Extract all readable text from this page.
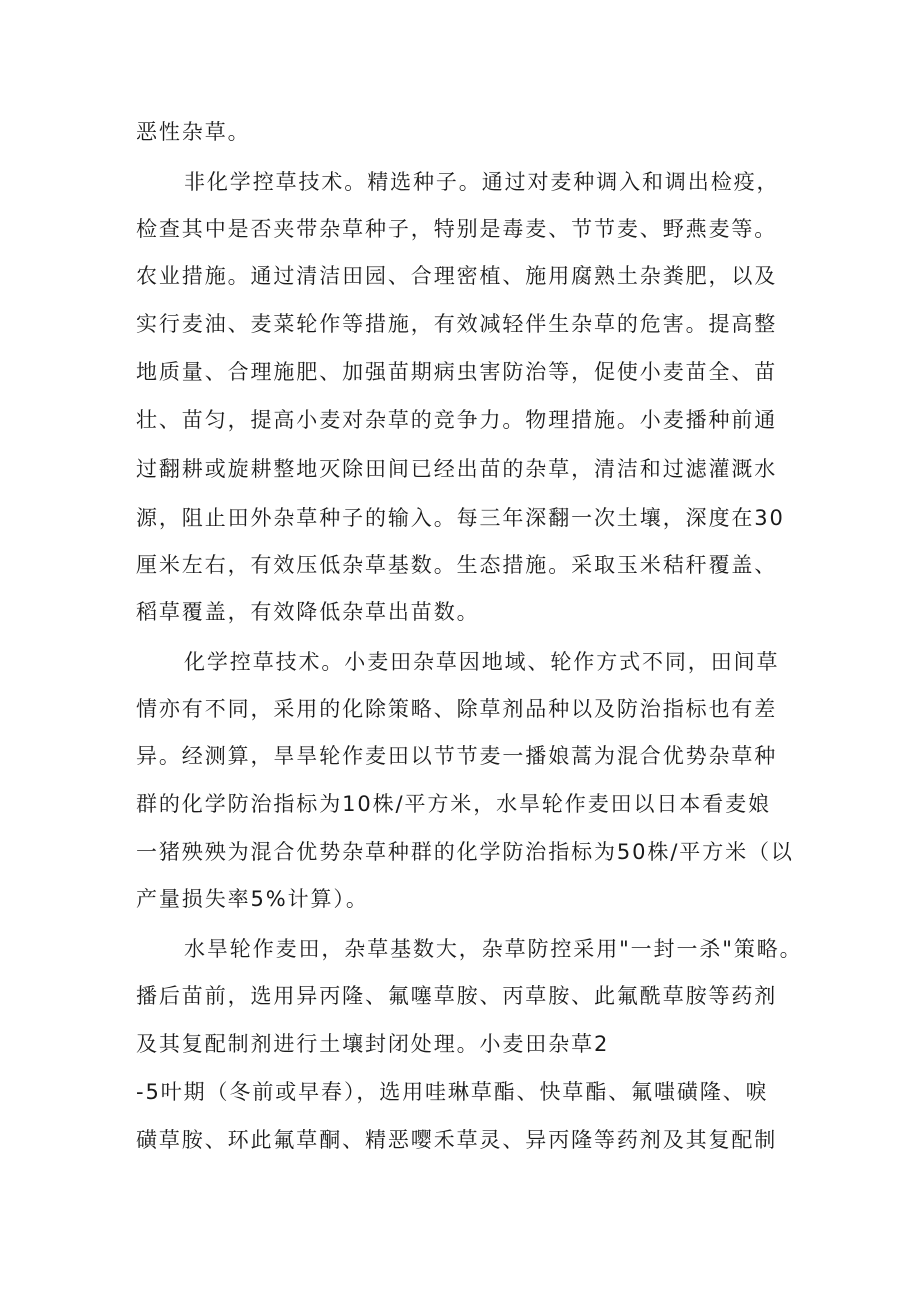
恶性杂草。
非化学控草技术。精选种子。通过对麦种调入和调出检疫，
检查其中是否夹带杂草种子，特别是毒麦、节节麦、野燕麦等。
农业措施。通过清洁田园、合理密植、施用腐熟土杂粪肥，以及
实行麦油、麦菜轮作等措施，有效减轻伴生杂草的危害。提高整
地质量、合理施肥、加强苗期病虫害防治等，促使小麦苗全、苗
壮、苗匀，提高小麦对杂草的竞争力。物理措施。小麦播种前通
过翻耕或旋耕整地灭除田间已经出苗的杂草，清洁和过滤灌溉水
源，阻止田外杂草种子的输入。每三年深翻一次土壤，深度在30
厘米左右，有效压低杂草基数。生态措施。采取玉米秸秆覆盖、
稻草覆盖，有效降低杂草出苗数。
化学控草技术。小麦田杂草因地域、轮作方式不同，田间草
情亦有不同，采用的化除策略、除草剂品种以及防治指标也有差
异。经测算，旱旱轮作麦田以节节麦一播娘蒿为混合优势杂草种
群的化学防治指标为10株/平方米，水旱轮作麦田以日本看麦娘
一猪殃殃为混合优势杂草种群的化学防治指标为50株/平方米（以
产量损失率5%计算）。
水旱轮作麦田，杂草基数大，杂草防控采用"一封一杀"策略。
播后苗前，选用异丙隆、氟噻草胺、丙草胺、此氟酰草胺等药剂
及其复配制剂进行土壤封闭处理。小麦田杂草2
-5叶期（冬前或早春），选用哇琳草酯、快草酯、氟嗤磺隆、唳
磺草胺、环此氟草酮、精恶嘤禾草灵、异丙隆等药剂及其复配制
